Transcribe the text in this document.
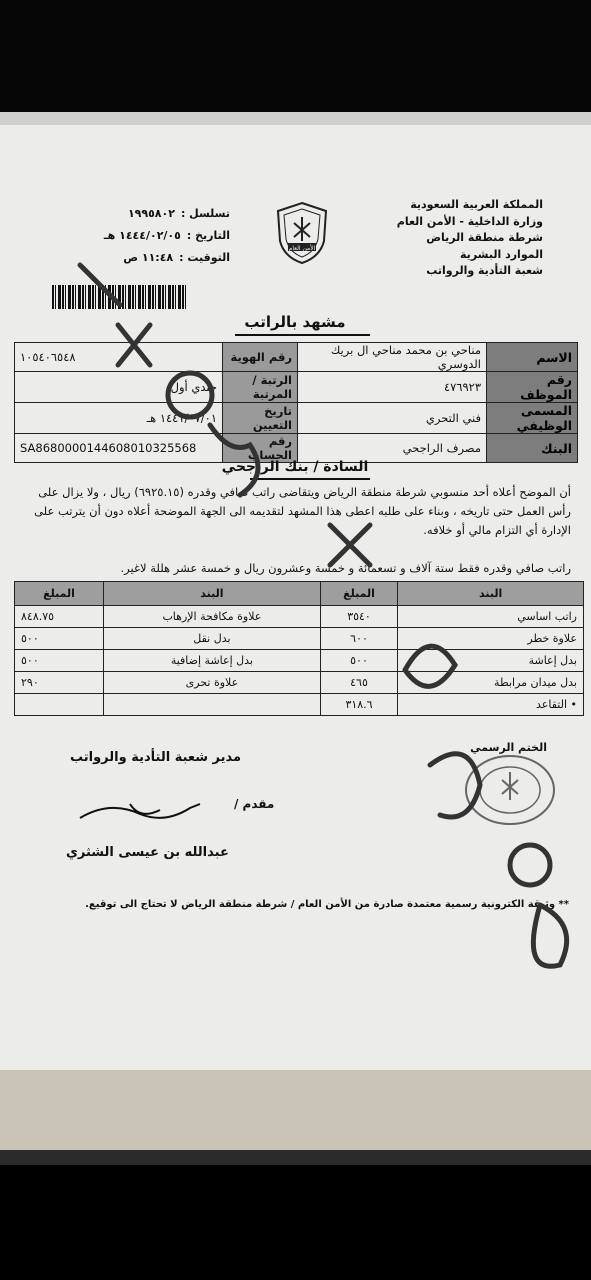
المملكة العربية السعودية
وزارة الداخلية - الأمن العام
شرطة منطقة الرياض
الموارد البشرية
شعبة التأدية والرواتب
الأمن العام
تسلسل :
١٩٩٥٨٠٢
التاريخ :
١٤٤٤/٠٢/٠٥ هـ
التوقيت :
١١:٤٨ ص
مشهد بالراتب
الاسم	مناحي بن محمد مناحي ال بريك الدوسري	رقم الهوية	١٠٥٤٠٦٥٤٨
رقم الموظف	٤٧٦٩٢٣	الرتبة / المرتبة	جندي أول
المسمى الوظيفي	فني التحري	تاريخ التعيين	١٤٤١/٠٧/٠١ هـ
البنك	مصرف الراجحي	رقم الحساب	SA8680000144608010325568
السادة / بنك الراجحي
أن الموضح أعلاه أحد منسوبي شرطة منطقة الرياض ويتقاضى راتب صافي وقدره (٦٩٢٥.١٥) ريال ، ولا يزال على رأس العمل حتى تاريخه ، وبناء على طلبه اعطى هذا المشهد لتقديمه الى الجهة الموضحة أعلاه دون أن يترتب على الإدارة أي التزام مالي أو خلافه.
راتب صافي وقدره فقط ستة آلاف و تسعمائة و خمسة وعشرون ريال و خمسة عشر هللة لاغير.
البند	المبلغ	البند	المبلغ
راتب اساسي	٣٥٤٠	علاوة مكافحة الإرهاب	٨٤٨.٧٥
علاوة خطر	٦٠٠	بدل نقل	٥٠٠
بدل إعاشة	٥٠٠	بدل إعاشة إضافية	٥٠٠
بدل ميدان مرابطة	٤٦٥	علاوة تحرى	٢٩٠
• التقاعد	٣١٨.٦		
الختم الرسمي
مدير شعبة التأدية والرواتب
مقدم /
عبدالله بن عيسى الشثري
** وثيقة الكترونية رسمية معتمدة صادرة من الأمن العام / شرطة منطقة الرياض لا تحتاج الى توقيع.
